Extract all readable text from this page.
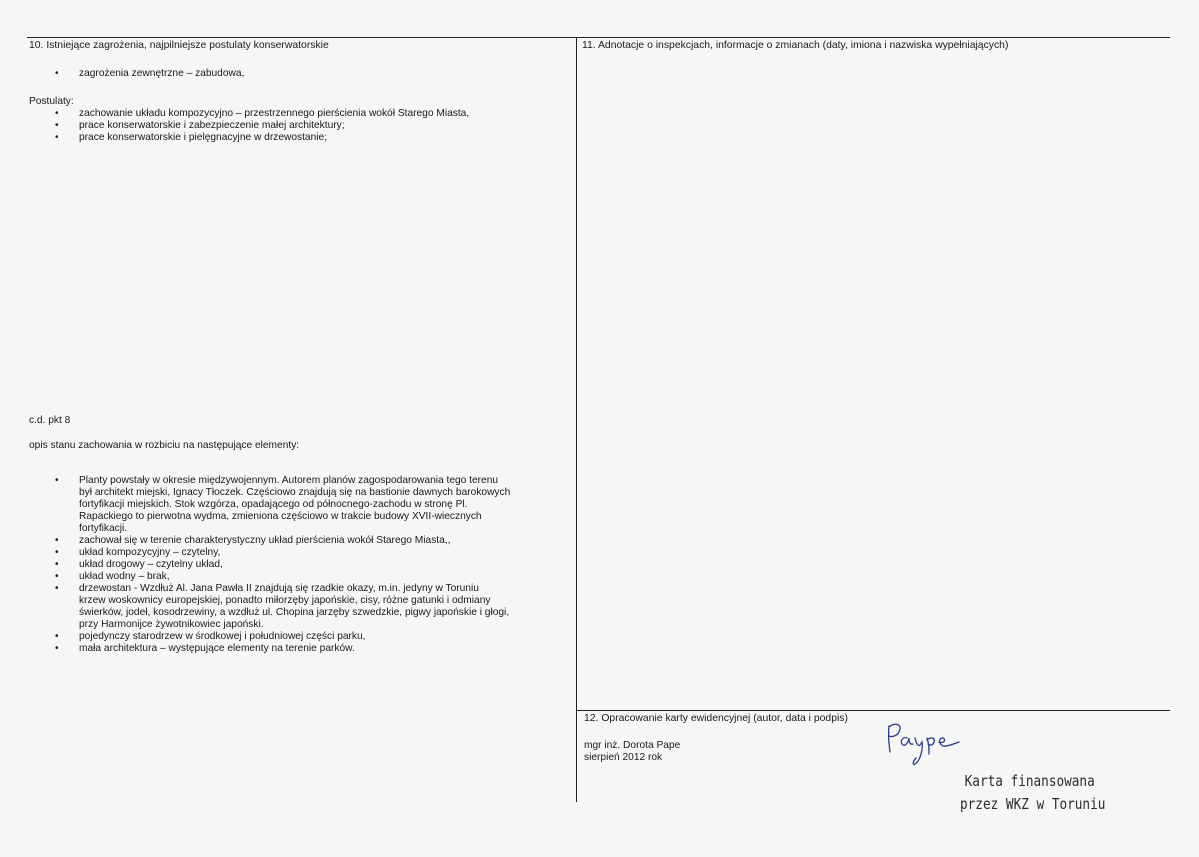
10. Istniejące zagrożenia, najpilniejsze postulaty konserwatorskie
• zagrożenia zewnętrzne – zabudowa,
Postulaty:
• zachowanie układu kompozycyjno – przestrzennego pierścienia wokół Starego Miasta,
• prace konserwatorskie i zabezpieczenie małej architektury;
• prace konserwatorskie i pielęgnacyjne w drzewostanie;
c.d. pkt 8
opis stanu zachowania w rozbiciu na następujące elementy:
• Planty powstały w okresie międzywojennym. Autorem planów zagospodarowania tego terenu
był architekt miejski, Ignacy Tłoczek. Częściowo znajdują się na bastionie dawnych barokowych
fortyfikacji miejskich. Stok wzgórza, opadającego od północnego-zachodu w stronę Pl.
Rapackiego to pierwotna wydma, zmieniona częściowo w trakcie budowy XVII-wiecznych
fortyfikacji.
• zachował się w terenie charakterystyczny układ pierścienia wokół Starego Miasta,,
• układ kompozycyjny – czytelny,
• układ drogowy – czytelny układ,
• układ wodny – brak,
• drzewostan - Wzdłuż Al. Jana Pawła II znajdują się rzadkie okazy, m.in. jedyny w Toruniu
krzew woskownicy europejskiej, ponadto miłorzęby japońskie, cisy, różne gatunki i odmiany
świerków, jodeł, kosodrzewiny, a wzdłuż ul. Chopina jarzęby szwedzkie, pigwy japońskie i głogi,
przy Harmonijce żywotnikowiec japoński.
• pojedynczy starodrzew w środkowej i południowej części parku,
• mała architektura – występujące elementy na terenie parków.
11. Adnotacje o inspekcjach, informacje o zmianach (daty, imiona i nazwiska wypełniających)
12. Opracowanie karty ewidencyjnej (autor, data i podpis)
mgr inż. Dorota Pape
sierpień 2012 rok
Karta finansowana
przez WKZ w Toruniu
